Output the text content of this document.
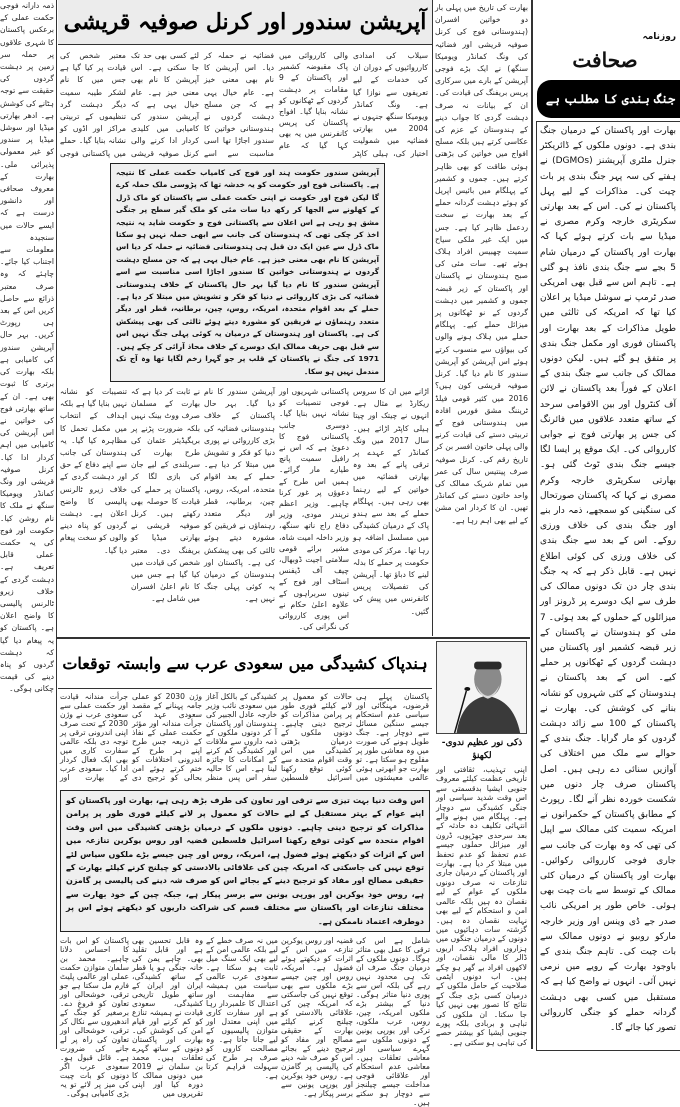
ذمہ دارانہ فوجی حکمت عملی کے برعکس پاکستان کا شہری علاقوں پر حملہ سر زمین پر دہشت گردوں کی حقیقت سے توجہ ہٹانے کی کوشش ہے۔ ادھر بھارتی میڈیا اور سوشل میڈیا پر سندور کو غیر معمولی پذیرائی ملی۔ بھارت کے معروف صحافی اور دانشور درست ہے کہ ایسے حالات میں سنجیدہ معلومات سے اجتناب کیا جائے۔ چاہئے کہ وہ صرف معتبر ذرائع سے حاصل کریں اس کے بعد ہی رپورٹ کریں۔ بہر حال آپریشن سندور کی کامیابی ہے بلکہ بھارت کی برتری کا ثبوت بھی ہے۔ ان کے ساتھ بھارتی فوج کی خواتین نے اس آپریشن کی کامیابی میں اہم کردار ادا کیا۔ کرنل صوفیہ قریشی اور ونگ کمانڈر ویومیکا سنگھ نے ملک کا نام روشن کیا۔ حکومت اور فوج کی یہ حکمت عملی قابل تعریف ہے۔ دہشت گردی کے خلاف زیرو ٹالرنس پالیسی کا واضح اعلان ہے۔ پاکستان کو یہ پیغام دیا گیا کہ دہشت گردوں کو پناہ دینے کی قیمت چکانی ہوگی۔
آپریشن سندور اور کرنل صوفیہ قریشی
سیلاب کی امدادی کارروائیوں کے دوران ان کی خدمات کے لیے تعریفوں سے نوازا گیا ہے۔ ونگ کمانڈر ویومیکا سنگھ جنہوں نے 2004 میں بھارتی فضائیہ میں شمولیت اختیار کی، ہیلی کاپٹر اڑانے میں ان کا سروس ریکارڈ بے مثال ہے۔ انہوں نے چیتک اور چیتا ہیلی کاپٹر اڑائے ہیں۔ سال 2017 میں ونگ کمانڈر کے عہدے پر ترقی پانے کے بعد وہ بھارتی فضائیہ میں خواتین کے لیے رہنما بھی رہی ہیں۔ پہلگام حملے کے بعد سے ہندو پاک کے درمیان کشیدگی میں مسلسل اضافہ ہو رہا تھا۔ مرکز کی مودی حکومت پر حملے کا بدلہ لینے کا دباؤ تھا۔ آپریشن کی تفصیلات پریس کانفرنس میں پیش کی گئیں۔
والی کارروائی میں پاک مقبوضہ کشمیر اور پاکستان کے 9 مقامات پر دہشت گردوں کے ٹھکانوں کو نشانہ بنایا گیا۔ افواج پاکستان کی پریس کانفرنس میں یہ بھی کہا گیا کہ عام پاکستانی شہریوں اور فوجی تنصیبات کو نشانہ نہیں بنایا گیا۔ دوسری جانب پاکستانی فوج کا دعویٰ ہے کہ اس نے رافیل سمیت پانچ طیارے مار گرائے۔ ہمیں اس طرح کے دعوؤں پر غور کرنا چاہیے۔ وزیر اعظم نریندر مودی، وزیر دفاع راج ناتھ سنگھ، وزیر داخلہ امیت شاہ، مشیر برائے قومی سلامتی اجیت ڈوبھال، چیف آف ڈیفنس اسٹاف اور فوج کے تینوں سربراہوں کے علاوہ اعلیٰ حکام نے اس پوری کارروائی کی نگرانی کی۔
فضائیہ نے حملہ کر دیا۔ اس آپریشن کا نام بھی معنی خیز ہے۔ عام خیال یہی ہے کہ جن مسلح دہشت گردوں نے ہندوستانی خواتین کا سندور اجاڑا تھا اسی مناسبت سے اسے آپریشن سندور کا نام دیا گیا۔ بہر حال پاکستان کے خلاف ہندوستانی فضائیہ کی بڑی کارروائی نے پوری دنیا کو فکر و تشویش میں مبتلا کر دیا ہے۔ حملے کے بعد اقوام متحدہ، امریکہ، روس، چین، برطانیہ، قطر اور دیگر متعدد رہنماؤں نے فریقین کو مشورہ دیتے ہوئے ثالثی کی بھی پیشکش کی ہے۔ پاکستان اور ہندوستان کے درمیان یہ کوئی پہلی جنگ نہیں ہے۔
لئے کسی بھی حد تک جا سکتی ہے۔ اس آپریشن کا نام بھی معنی خیز ہے۔ عام خیال یہی ہے کہ آپریشن سندور کی کامیابی میں کلیدی کردار ادا کرنے والی کرنل صوفیہ قریشی نے ثابت کر دیا ہے کہ بھارت کے مسلمان صرف ووٹ بینک نہیں بلکہ ضرورت پڑنے پر بریگیڈیئر عثمان کی طرح بھارت کی سربلندی کے لیے جان کی بازی لگا کر پاکستان پر حملے کی قیادت کا حوصلہ بھی رکھتے ہیں۔ کرنل صوفیہ قریشی نے بھارتی میڈیا کو بریفنگ دی۔ معتبر شخص کی قیادت میں کیا گیا ہے جس میں کا نام اعلیٰ افسران میں شامل ہے۔
معتبر شخص کی قیادت پر کیا گیا ہے جس میں کا نام لشکر طیبہ سمیت دیگر دہشت گرد تنظیموں کے تربیتی مراکز اور اڈوں کو نشانہ بنایا گیا۔ حملے میں پاکستانی فوجی تنصیبات کو نشانہ نہیں بنایا گیا ہے بلکہ اہداف کے انتخاب میں مکمل تحمل کا مظاہرہ کیا گیا۔ یہ ہندوستان کی جانب سے اپنے دفاع کے حق اور دہشت گردی کے خلاف زیرو ٹالرنس پالیسی کا واضح اعلان ہے۔ دہشت گردوں کو پناہ دینے والوں کو سخت پیغام دیا گیا۔
آپریشن سندور حکومت ہند اور فوج کی کامیاب حکمت عملی کا نتیجہ ہے۔ پاکستانی فوج اور حکومت کو یہ خدشہ تھا کہ پڑوسی ملک حملہ کرے گا لیکن فوج اور حکومت نے اپنی حکمت عملی سے پاکستان کو ماک ڈرل کے کھلونے سے الجھا کر رکھ دیا سات مئی کو ملک گیر سطح پر جنگی مشق ہو رہی ہے اس اعلان سے پاکستانی فوج و حکومت شاید یہ نتیجہ اخذ کر چکی تھی کہ ہندوستان کی جانب سے ابھی حملہ نہیں ہو سکتا ماک ڈرل سے عین ایک دن قبل ہی ہندوستانی فضائیہ نے حملہ کر دیا اس آپریشن کا نام بھی معنی خیز ہے۔ عام خیال یہی ہے کہ جن مسلح دہشت گردوں نے ہندوستانی خواتین کا سندور اجاڑا اسی مناسبت سے اسے آپریشن سندور کا نام دیا گیا بہر حال پاکستان کے خلاف ہندوستانی فضائیہ کی بڑی کارروائی نے دنیا کو فکر و تشویش میں مبتلا کر دیا ہے۔ حملے کے بعد اقوام متحدہ، امریکہ، روس، چین، برطانیہ، قطر اور دیگر متعدد رہنماؤں نے فریقین کو مشورہ دیتے ہوئے ثالثی کی بھی پیشکش کی ہے۔ پاکستان اور ہندوستان کے درمیان یہ کوئی پہلی جنگ نہیں اس سے قبل بھی حریف ممالک ایک دوسرے کے خلاف محاذ آرائی کر چکے ہیں۔ 1971 کی جنگ نے پاکستان کے قلب پر جو گہرا زخم لگایا تھا وہ آج تک مندمل نہیں ہو سکا۔
بھارت کی تاریخ میں پہلی بار دو خواتین افسران (ہندوستانی فوج کی کرنل صوفیہ قریشی اور فضائیہ کی ونگ کمانڈر ویومیکا سنگھ) نے ایک بڑے فوجی آپریشن کے بارے میں سرکاری پریس بریفنگ کی قیادت کی۔ ان کے بیانات نہ صرف دہشت گردی کا جواب دینے کے ہندوستان کے عزم کی عکاسی کرتے ہیں بلکہ مسلح افواج میں خواتین کی بڑھتی ہوئی طاقت کو بھی ظاہر کرتے ہیں۔ جموں و کشمیر کے پہلگام میں بائیس اپریل کو ہوئے دہشت گردانہ حملے کے بعد بھارت نے سخت ردعمل ظاہر کیا ہے۔ جس میں ایک غیر ملکی سیاح سمیت چھبیس افراد ہلاک ہوئے تھے۔ سات مئی کی صبح ہندوستان نے پاکستان اور پاکستان کے زیر قبضہ جموں و کشمیر میں دہشت گردوں کے نو ٹھکانوں پر میزائل حملے کیے۔ پہلگام حملے میں ہلاک ہونے والوں کی بیواؤں سے منسوب کرتے ہوئے اس آپریشن کو آپریشن سندور کا نام دیا گیا۔ کرنل صوفیہ قریشی کون ہیں؟ 2016 میں کثیر قومی فیلڈ ٹریننگ مشق فورس افادہ میں ہندوستانی فوج کے تربیتی دستے کی قیادت کرنے والی پہلی خاتون افسر بن کر تاریخ رقم کی۔ کرنل صوفیہ صرف پینتیس سال کی عمر میں تمام شریک ممالک کی واحد خاتون دستے کی کمانڈر تھیں۔ ان کا کردار امن مشن کے لیے بھی اہم رہا ہے۔
ہندپاک کشیدگی میں سعودی عرب سے وابستہ توقعات
ذکی نور عظیم ندوی-لکھنؤ
اپنی تہذیب، ثقافتی اور تاریخی عظمت کیلئے معروف جنوبی ایشیا بدقسمتی سے اس وقت شدید سیاسی اور جنگی کشیدگی سے دوچار ہے۔ پہلگام میں ہونے والے انتہائی تکلیف دہ حادثہ کے بعد سرحدی جھڑپوں، ڈرون اور میزائل حملوں جیسے عدم تحفظ کو عدم تحفظ میں مبتلا کر دیا ہے۔ بھارت اور پاکستان کے درمیان جاری تنازعات نہ صرف دونوں ملکوں کے عوام کے لیے نقصان دہ ہیں بلکہ عالمی امن و استحکام کے لیے بھی نہایت نقصان دہ ہیں۔ گزشتہ سات دہائیوں میں دونوں کے درمیان جنگوں میں ہزاروں افراد ہلاک، اربوں ڈالر کا مالی نقصان، اور لاکھوں افراد بے گھر ہو چکے ہیں۔ اب دونوں ایٹمی صلاحیت کے حامل ملکوں کے درمیان کسی بڑی جنگ کے نتائج کا تصور بھی نہیں کیا جا سکتا۔ ان ملکوں کی تباہی و بربادی بلکہ پورے جنوبی ایشیا کو بیشتر حصے کی تباہی ہو سکتی ہے۔
پاکستان پہلے ہی قرضوں، مہنگائی اور سیاسی عدم استحکام جیسے سنگین مسائل سے دوچار ہے۔ جنگ طویل ہونے کی صورت میں وہ معاشی طور پر مفلوج ہو سکتا ہے۔ تو بھارت جو ابھرتی ہوئی عالمی معیشتوں میں شامل ہے اس کی ترقی کا عمل بھی متاثر ہوگا۔ دونوں ملکوں کے درمیان جنگ صرف ان تک ہی محدود نہیں رہے گی بلکہ اس سے پوری دنیا متاثر ہوگی۔ دنیا کے بیشتر بڑے ملکوں امریکہ، چین، روس، عرب ملکوں، ترکی اور یورپی یونین کے دونوں ملکوں سے گہرے سیاسی اور معاشی تعلقات ہیں۔ معاشی عدم استحکام اور علاقائی فوجی مداخلت جیسے چیلنجز سے دوچار ہو سکتے ہیں۔
حالات کو معمول پر لانے کیلئے فوری طور پر پرامن مذاکرات کو ترجیح دینی چاہیے۔ دونوں ملکوں کے درمیان بڑھتی کشیدگی میں اس وقت اقوام متحدہ سے کوئی توقع رکھنا اسرائیل فلسطین قضیہ اور روس یوکرین تنازعہ میں اس کے اثرات کو دیکھتے ہوئے فضول ہے۔ امریکہ، روس اور چین جیسے بڑے ملکوں سے بھی توقع نہیں کی جاسکتی کہ امریکہ چین کی علاقائی بالادستی کو چیلنج کرنے کیلئے بھارت کے حقیقی مصالح اور مفاد کو ترجیح دینے کے بجائے اس کو صرف شہ دینے کی پالیسی پر گامزن ہے۔ روس خود یوکرین اور یورپی یونین سے برسر پیکار ہے۔
کشیدگی کے بالکل آغاز میں سعودی نائب وزیر خارجہ عادل الجبیر کی ہندوستان اور پاکستان آ کر دونوں ملکوں کے ذمہ داروں سے ملاقات اور کشیدگی کم کرنے کے امکانات کا جائزہ لینا ہے۔ اس کا حالیہ سفر اس پس منظر میں نہ صرف خطے کے لیے بلکہ عالمی امن کے لیے بھی ایک سنگ میل ثابت ہو سکتا ہے۔ سعودی عرب عالمی سیاست میں ہمیشہ سے مفاہمت اور اعتدال کا علمبردار رہا ہے اور سفارت کاری میں اپنی معتدل اور متوازن پالیسیوں کے لیے جانا جاتا ہے۔ وہ مصالحت کاروں کو صرف ہر طرح کی سہولت فراہم کرتا ہے۔
وژن 2030 کو عملی جامہ پہنانے کے مقصد سعودی عہد کی جرأت مندانہ اور مؤثر حکمت عملی کے نفاذ کے ذریعہ جس طرح اپنے ہر طرح کے اندرونی اختلافات کو ختم کرتے ہوئے امن بحالی کو ترجیح دی وہ قابل تحسین بھی ہے اور قابل تقلید بھی۔ چاہے یمن کی خانہ جنگی ہو یا قطر کے ساتھ کشیدگی، ایران اور ایران کے ساتھ طویل تاریخی کشیدگی، سعودی قیادت نے ہمیشہ تنازع کو کم کرنے اور قیام امن کی کوشش کی۔ بھارت اور پاکستان دونوں کے ساتھ گہرے تعلقات ہیں۔ محمد بن سلمان نے 2019 میں دونوں ممالک کا دورہ کیا اور اپنی تقریروں میں
جرأت مندانہ قیادت اور حکمت عملی سے سعودی عرب نے وژن 2030 کے تحت صرف اپنی اندرونی ترقی پر توجہ دی بلکہ عالمی سفارت کاری میں بھی ایک فعال کردار ادا کیا۔ سعودی عرب کے بھارت اور پاکستان کو اس بات کا احساس دلانا چاہیے۔ محمد بن سلمان متوازن حکمت عملی اور عالمی پلیٹ فارم مل سکتا ہے جو ترقی، خوشحالی اور تعاون کو فروغ دے۔ برصغیر کو جنگ کے اندھیروں سے نکال کر ترقی، خوشحالی اور تعاون کی راہ پر لے جانے کی ضرورت ہے۔ قائل قبول ہو۔ سعودی عرب اگر دونوں کو بات چیت کی میز پر لائے تو یہ بڑی کامیابی ہوگی۔
اس وقت دنیا بہت تیزی سے ترقی اور تعاون کی طرف بڑھ رہی ہے، بھارت اور پاکستان کو اپنے عوام کے بہتر مستقبل کے لیے حالات کو معمول پر لانے کیلئے فوری طور پر پرامن مذاکرات کو ترجیح دینی چاہیے۔ دونوں ملکوں کے درمیان بڑھتی کشیدگی میں اس وقت اقوام متحدہ سے کوئی توقع رکھنا اسرائیل فلسطین قضیہ اور روس یوکرین تنازعہ میں اس کے اثرات کو دیکھتے ہوئے فضول ہے، امریکہ، روس اور چین جیسے بڑے ملکوں سیاس لئے توقع نہیں کی جاسکتی کہ امریکہ چین کی علاقائی بالادستی کو چیلنج کرنے کیلئے بھارت کے حقیقی مصالح اور مفاد کو ترجیح دینے کے بجائے اس کو صرف شہ دینے کی پالیسی پر گامزن ہے، روس خود یوکرین اور یورپی یونین سے برسر پیکار ہے، جبکہ چین کے خود بھارت سے مختلف تنازعات اور پاکستان سے مختلف قسم کی شراکت داریوں کو دیکھتے ہوئے اس پر دوطرفہ اعتماد ناممکن ہے۔
روزنامہ
صحافت
جنگ بندی کا مطلب ہے
بھارت اور پاکستان کے درمیان جنگ بندی ہے۔ دونوں ملکوں کے ڈائریکٹر جنرل ملٹری آپریشنز (DGMOs) نے ہفتے کی سہ پہر جنگ بندی پر بات چیت کی۔ مذاکرات کے لیے پہل پاکستان نے کی۔ اس کے بعد بھارتی سکریٹری خارجہ وکرم مصری نے میڈیا سے بات کرتے ہوئے کہا کہ بھارت اور پاکستان کے درمیان شام 5 بجے سے جنگ بندی نافذ ہو گئی ہے۔ تاہم اس سے قبل بھی امریکی صدر ٹرمپ نے سوشل میڈیا پر اعلان کیا تھا کہ امریکہ کی ثالثی میں طویل مذاکرات کے بعد بھارت اور پاکستان فوری اور مکمل جنگ بندی پر متفق ہو گئے ہیں۔ لیکن دونوں ممالک کی جانب سے جنگ بندی کے اعلان کے فوراً بعد پاکستان نے لائن آف کنٹرول اور بین الاقوامی سرحد کے ساتھ متعدد علاقوں میں فائرنگ کی جس پر بھارتی فوج نے جوابی کارروائی کی۔ ایک موقع پر ایسا لگا جیسے جنگ بندی ٹوٹ گئی ہو۔ بھارتی سکریٹری خارجہ وکرم مصری نے کہا کہ پاکستان صورتحال کی سنگینی کو سمجھے، ذمہ دار بنے اور جنگ بندی کی خلاف ورزی روکے۔ اس کے بعد سے جنگ بندی کی خلاف ورزی کی کوئی اطلاع نہیں ہے۔ قابل ذکر ہے کہ یہ جنگ بندی چار دن تک دونوں ممالک کی طرف سے ایک دوسرے پر ڈرونز اور میزائلوں کے حملوں کے بعد ہوئی۔ 7 مئی کو ہندوستان نے پاکستان کے زیر قبضہ کشمیر اور پاکستان میں دہشت گردوں کے ٹھکانوں پر حملے کیے۔ اس کے بعد پاکستان نے ہندوستان کے کئی شہروں کو نشانہ بنانے کی کوشش کی۔ بھارت نے پاکستان کے 100 سے زائد دہشت گردوں کو مار گرایا۔ جنگ بندی کے حوالے سے ملک میں اختلاف کی آوازیں سنائی دے رہی ہیں۔ اصل پاکستان صرف چار دنوں میں شکست خوردہ نظر آنے لگا۔ رپورٹ کے مطابق پاکستان کے حکمرانوں نے امریکہ سمیت کئی ممالک سے اپیل کی تھی کہ وہ بھارت کی جانب سے جاری فوجی کارروائی رکوائیں۔ بھارت اور پاکستان کے درمیان کئی ممالک کے توسط سے بات چیت بھی ہوئی۔ خاص طور پر امریکی نائب صدر جے ڈی وینس اور وزیر خارجہ مارکو روبیو نے دونوں ممالک سے بات چیت کی۔ تاہم جنگ بندی کے باوجود بھارت کے رویے میں نرمی نہیں آئی۔ انہوں نے واضح کیا ہے کہ مستقبل میں کسی بھی دہشت گردانہ حملے کو جنگی کارروائی تصور کیا جائے گا۔
